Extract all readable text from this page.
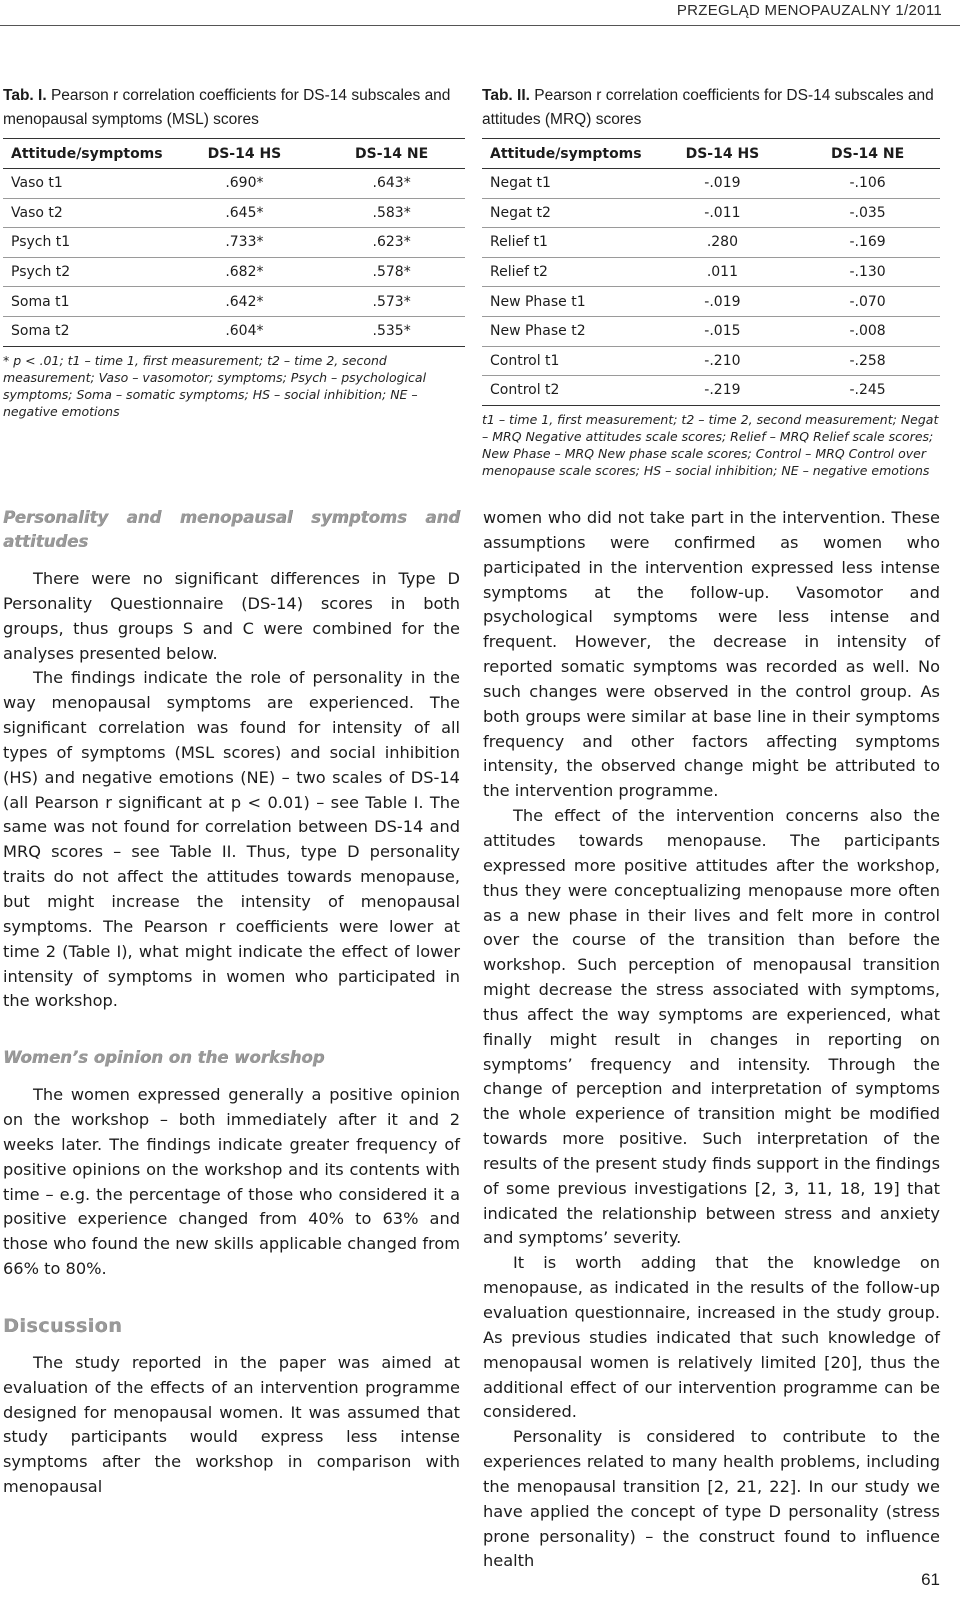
PRZEGLĄD MENOPAUZALNY 1/2011
Tab. I. Pearson r correlation coefficients for DS-14 subscales and menopausal symptoms (MSL) scores
Attitude/symptoms	DS-14 HS	DS-14 NE
Vaso t1	.690*	.643*
Vaso t2	.645*	.583*
Psych t1	.733*	.623*
Psych t2	.682*	.578*
Soma t1	.642*	.573*
Soma t2	.604*	.535*
* p < .01; t1 – time 1, first measurement; t2 – time 2, second measurement; Vaso – vasomotor; symptoms; Psych – psychological symptoms; Soma – somatic symptoms; HS – social inhibition; NE – negative emotions
Tab. II. Pearson r correlation coefficients for DS-14 subscales and attitudes (MRQ) scores
Attitude/symptoms	DS-14 HS	DS-14 NE
Negat t1	-.019	-.106
Negat t2	-.011	-.035
Relief t1	.280	-.169
Relief t2	.011	-.130
New Phase t1	-.019	-.070
New Phase t2	-.015	-.008
Control t1	-.210	-.258
Control t2	-.219	-.245
t1 – time 1, first measurement; t2 – time 2, second measurement; Negat – MRQ Negative attitudes scale scores; Relief – MRQ Relief scale scores; New Phase – MRQ New phase scale scores; Control – MRQ Control over menopause scale scores; HS – social inhibition; NE – negative emotions
Personality and menopausal symptoms and attitudes

There were no significant differences in Type D Personality Questionnaire (DS-14) scores in both groups, thus groups S and C were combined for the analyses presented below.

The findings indicate the role of personality in the way menopausal symptoms are experienced. The significant correlation was found for intensity of all types of symptoms (MSL scores) and social inhibition (HS) and negative emotions (NE) – two scales of DS-14 (all Pearson r significant at p < 0.01) – see Table I. The same was not found for correlation between DS-14 and MRQ scores – see Table II. Thus, type D personality traits do not affect the attitudes towards menopause, but might increase the intensity of menopausal symptoms. The Pearson r coefficients were lower at time 2 (Table I), what might indicate the effect of lower intensity of symptoms in women who participated in the workshop.

Women’s opinion on the workshop

The women expressed generally a positive opinion on the workshop – both immediately after it and 2 weeks later. The findings indicate greater frequency of positive opinions on the workshop and its contents with time – e.g. the percentage of those who considered it a positive experience changed from 40% to 63% and those who found the new skills applicable changed from 66% to 80%.

Discussion

The study reported in the paper was aimed at evaluation of the effects of an intervention programme designed for menopausal women. It was assumed that study participants would express less intense symptoms after the workshop in comparison with menopausal

women who did not take part in the intervention. These assumptions were confirmed as women who participated in the intervention expressed less intense symptoms at the follow-up. Vasomotor and psychological symptoms were less intense and frequent. However, the decrease in intensity of reported somatic symptoms was recorded as well. No such changes were observed in the control group. As both groups were similar at base line in their symptoms frequency and other factors affecting symptoms intensity, the observed change might be attributed to the intervention programme.

The effect of the intervention concerns also the attitudes towards menopause. The participants expressed more positive attitudes after the workshop, thus they were conceptualizing menopause more often as a new phase in their lives and felt more in control over the course of the transition than before the workshop. Such perception of menopausal transition might decrease the stress associated with symptoms, thus affect the way symptoms are experienced, what finally might result in changes in reporting on symptoms’ frequency and intensity. Through the change of perception and interpretation of symptoms the whole experience of transition might be modified towards more positive. Such interpretation of the results of the present study finds support in the findings of some previous investigations [2, 3, 11, 18, 19] that indicated the relationship between stress and anxiety and symptoms’ severity.

It is worth adding that the knowledge on menopause, as indicated in the results of the follow-up evaluation questionnaire, increased in the study group. As previous studies indicated that such knowledge of menopausal women is relatively limited [20], thus the additional effect of our intervention programme can be considered.

Personality is considered to contribute to the experiences related to many health problems, including the menopausal transition [2, 21, 22]. In our study we have applied the concept of type D personality (stress prone personality) – the construct found to influence health

61
